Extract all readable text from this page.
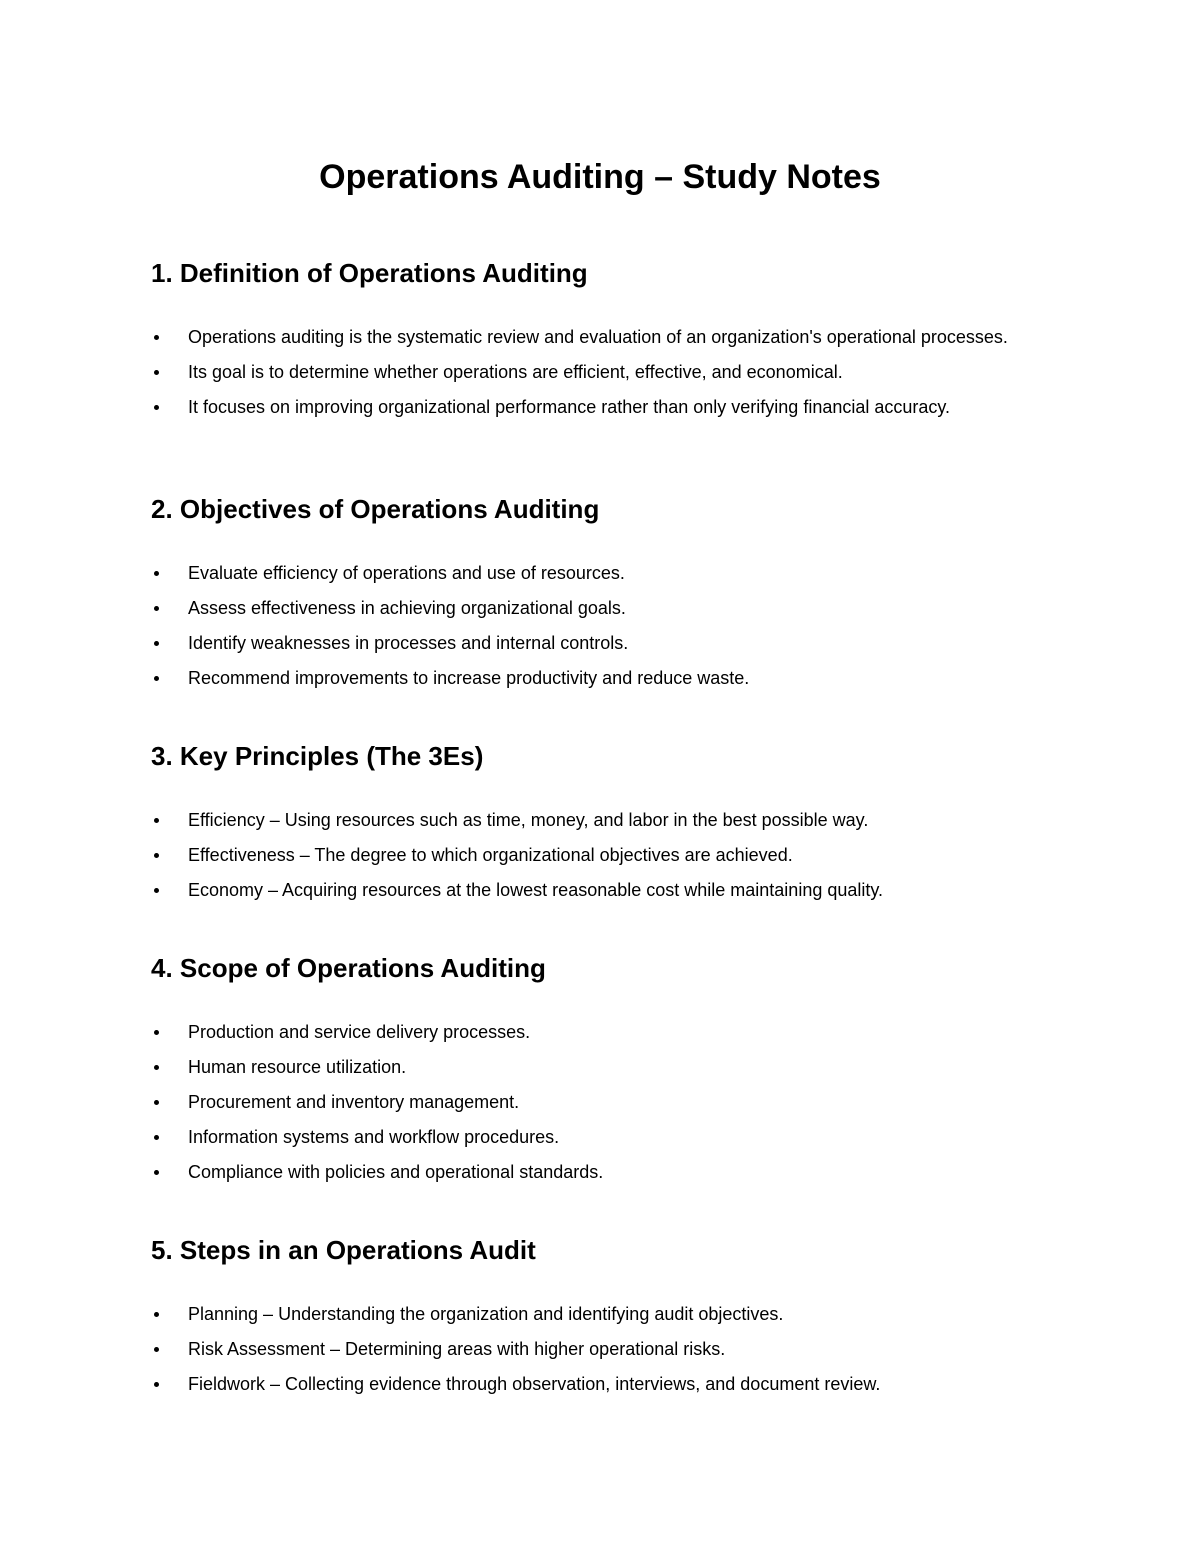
Operations Auditing – Study Notes
1. Definition of Operations Auditing
Operations auditing is the systematic review and evaluation of an organization's operational processes.
Its goal is to determine whether operations are efficient, effective, and economical.
It focuses on improving organizational performance rather than only verifying financial accuracy.
2. Objectives of Operations Auditing
Evaluate efficiency of operations and use of resources.
Assess effectiveness in achieving organizational goals.
Identify weaknesses in processes and internal controls.
Recommend improvements to increase productivity and reduce waste.
3. Key Principles (The 3Es)
Efficiency – Using resources such as time, money, and labor in the best possible way.
Effectiveness – The degree to which organizational objectives are achieved.
Economy – Acquiring resources at the lowest reasonable cost while maintaining quality.
4. Scope of Operations Auditing
Production and service delivery processes.
Human resource utilization.
Procurement and inventory management.
Information systems and workflow procedures.
Compliance with policies and operational standards.
5. Steps in an Operations Audit
Planning – Understanding the organization and identifying audit objectives.
Risk Assessment – Determining areas with higher operational risks.
Fieldwork – Collecting evidence through observation, interviews, and document review.
